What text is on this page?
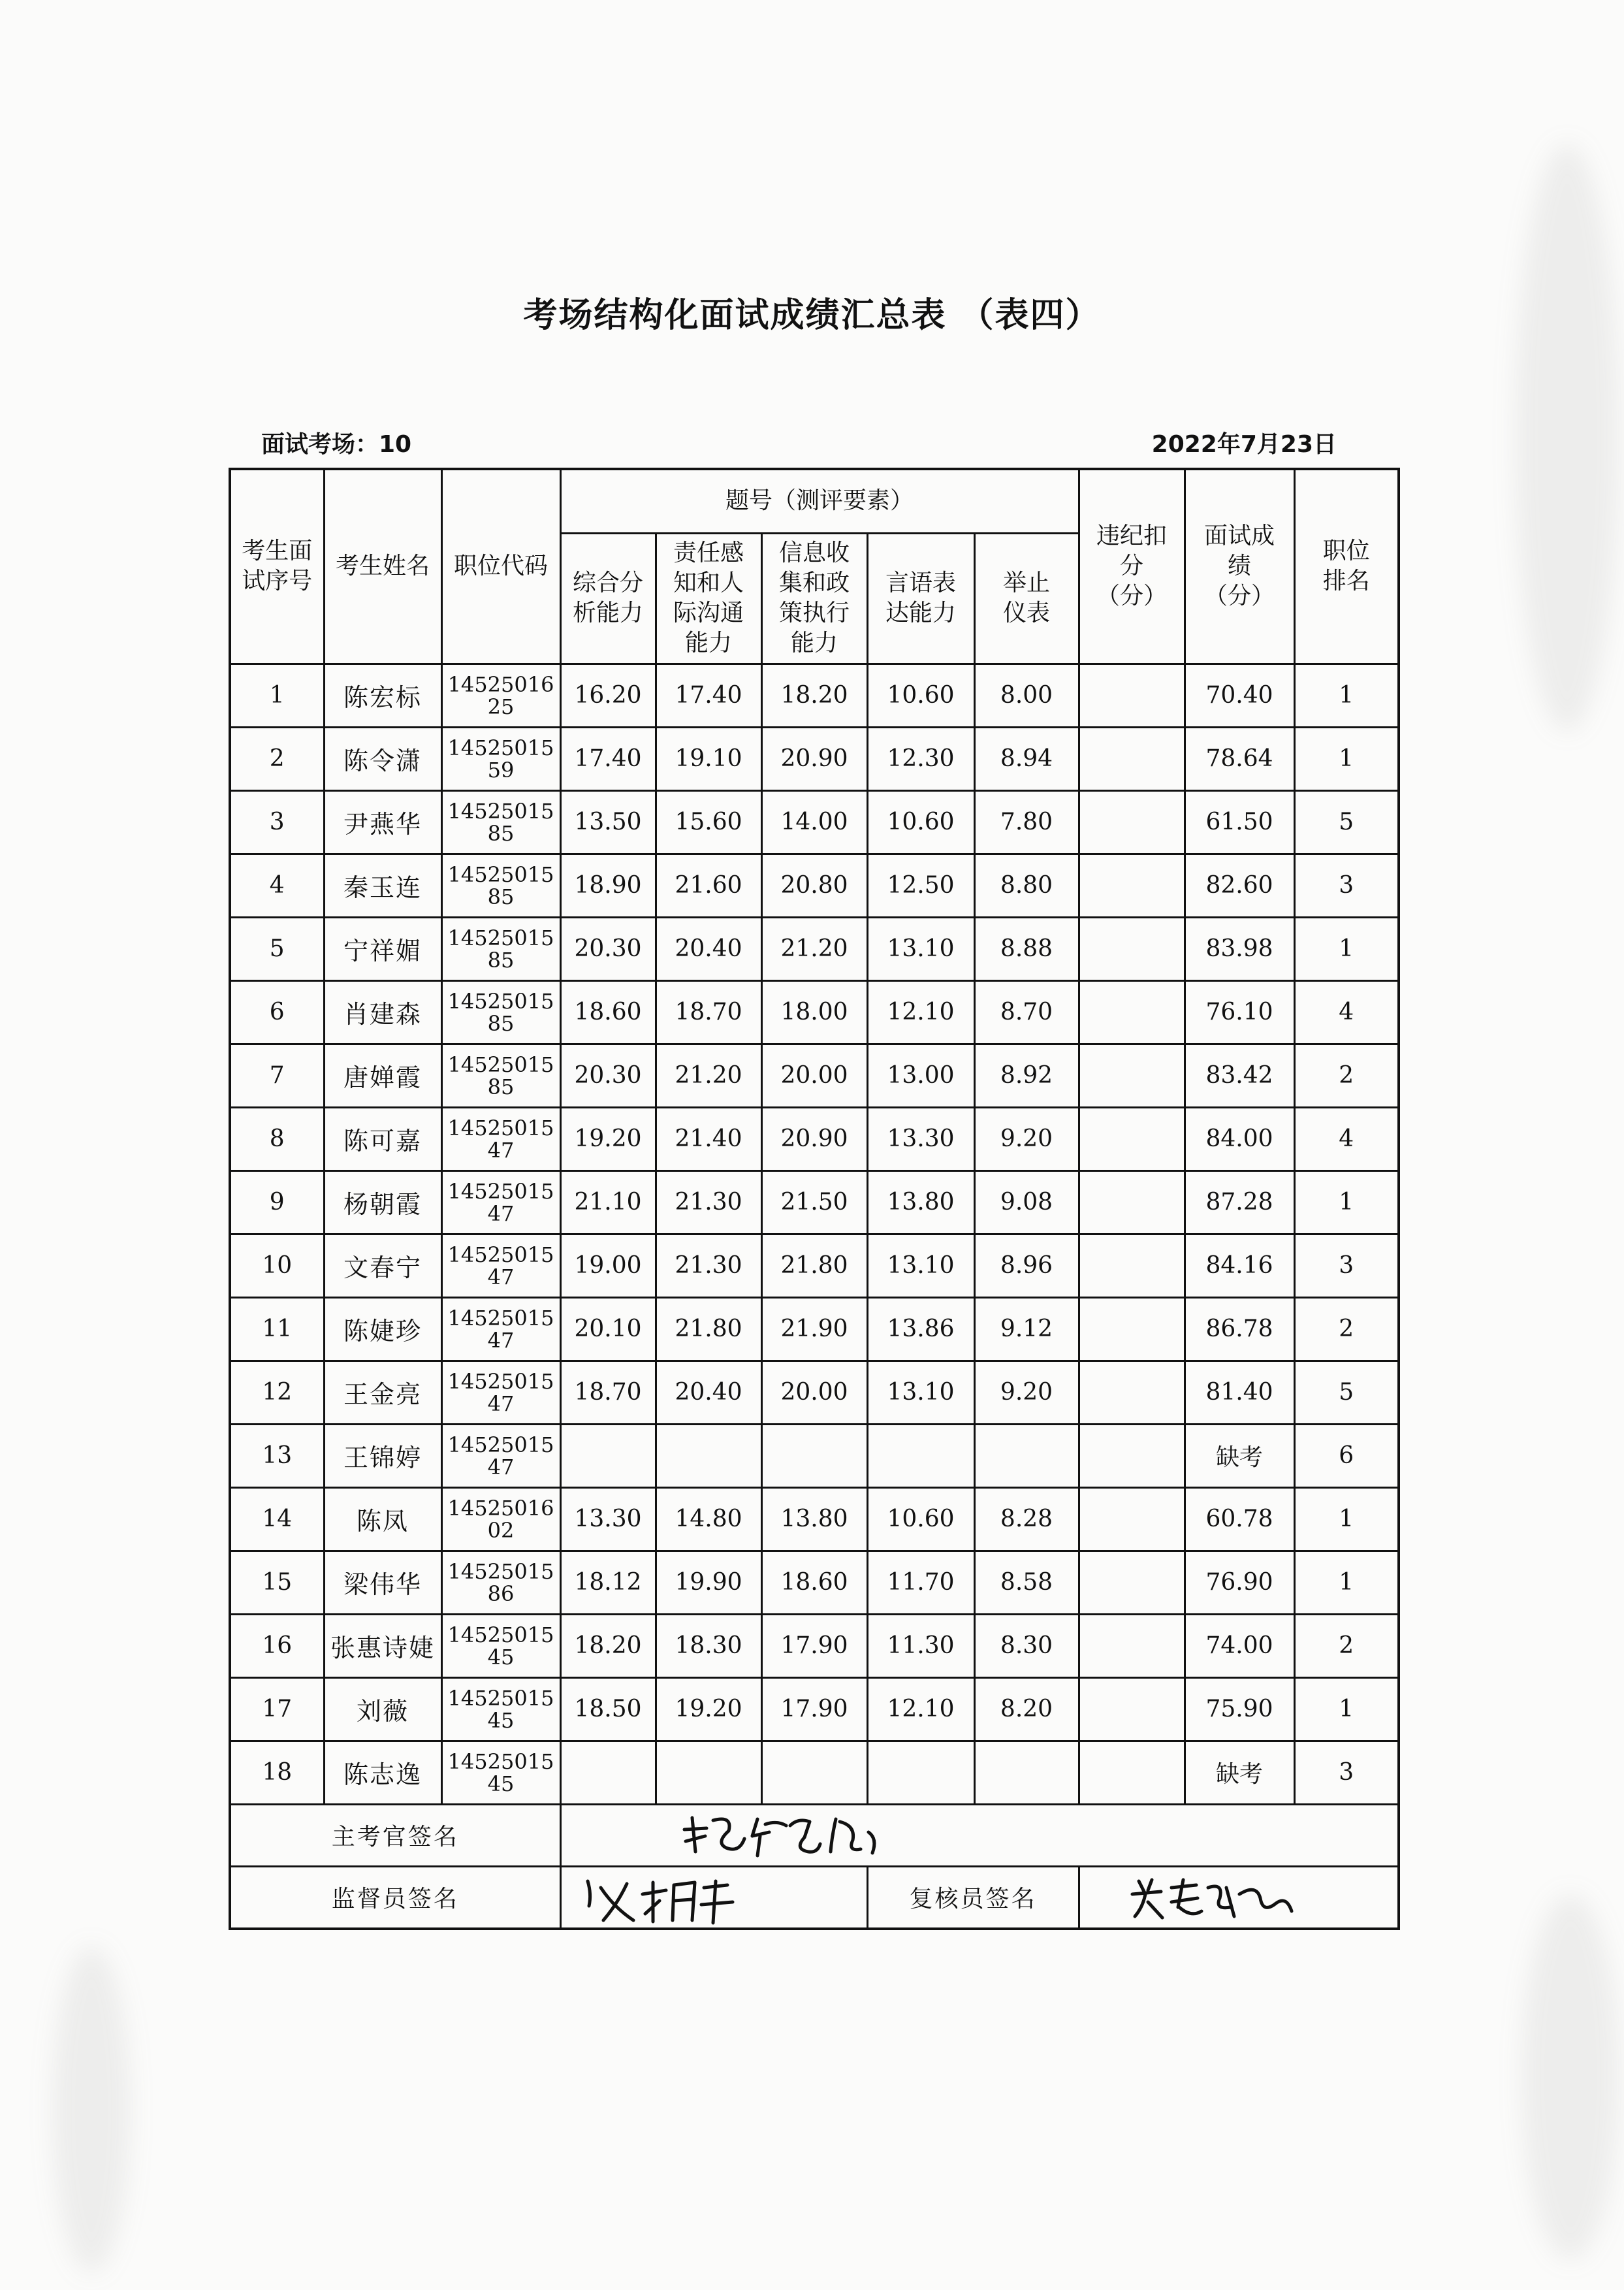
考场结构化面试成绩汇总表 （表四）
面试考场：10	2022年7月23日
考生面试序号	考生姓名	职位代码	题号（测评要素）					违纪扣分（分）	面试成绩（分）	职位排名
			综合分析能力	责任感知和人际沟通能力	信息收集和政策执行能力	言语表达能力	举止仪表			
1	陈宏标	1452501625	16.20	17.40	18.20	10.60	8.00		70.40	1
2	陈令潇	1452501559	17.40	19.10	20.90	12.30	8.94		78.64	1
3	尹燕华	1452501585	13.50	15.60	14.00	10.60	7.80		61.50	5
4	秦玉连	1452501585	18.90	21.60	20.80	12.50	8.80		82.60	3
5	宁祥媚	1452501585	20.30	20.40	21.20	13.10	8.88		83.98	1
6	肖建森	1452501585	18.60	18.70	18.00	12.10	8.70		76.10	4
7	唐婵霞	1452501585	20.30	21.20	20.00	13.00	8.92		83.42	2
8	陈可嘉	1452501547	19.20	21.40	20.90	13.30	9.20		84.00	4
9	杨朝霞	1452501547	21.10	21.30	21.50	13.80	9.08		87.28	1
10	文春宁	1452501547	19.00	21.30	21.80	13.10	8.96		84.16	3
11	陈婕珍	1452501547	20.10	21.80	21.90	13.86	9.12		86.78	2
12	王金亮	1452501547	18.70	20.40	20.00	13.10	9.20		81.40	5
13	王锦婷	1452501547							缺考	6
14	陈凤	1452501602	13.30	14.80	13.80	10.60	8.28		60.78	1
15	梁伟华	1452501586	18.12	19.90	18.60	11.70	8.58		76.90	1
16	张惠诗婕	1452501545	18.20	18.30	17.90	11.30	8.30		74.00	2
17	刘薇	1452501545	18.50	19.20	17.90	12.10	8.20		75.90	1
18	陈志逸	1452501545							缺考	3
主考官签名	

监督员签名						复核员签名	
